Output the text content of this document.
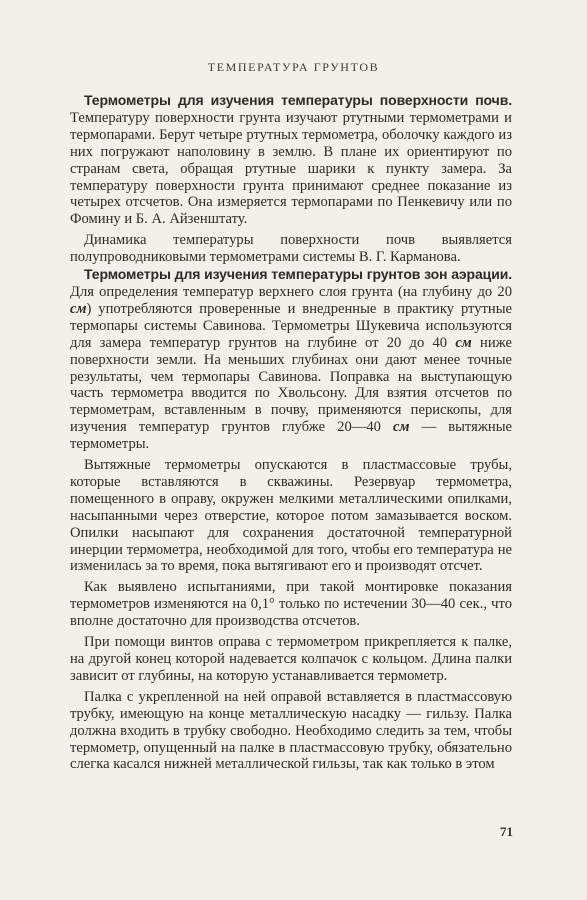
ТЕМПЕРАТУРА ГРУНТОВ

Термометры для изучения температуры поверхности почв. Температуру поверхности грунта изучают ртутными термометрами и термопарами. Берут четыре ртутных термометра, оболочку каждого из них погружают наполовину в землю. В плане их ориентируют по странам света, обращая ртутные шарики к пункту замера. За температуру поверхности грунта принимают среднее показание из четырех отсчетов. Она измеряется термопарами по Пенкевичу или по Фомину и Б. А. Айзенштату.

Динамика температуры поверхности почв выявляется полупроводниковыми термометрами системы В. Г. Карманова.

Термометры для изучения температуры грунтов зон аэрации. Для определения температур верхнего слоя грунта (на глубину до 20 см) употребляются проверенные и внедренные в практику ртутные термопары системы Савинова. Термометры Шукевича используются для замера температур грунтов на глубине от 20 до 40 см ниже поверхности земли. На меньших глубинах они дают менее точные результаты, чем термопары Савинова. Поправка на выступающую часть термометра вводится по Хвольсону. Для взятия отсчетов по термометрам, вставленным в почву, применяются перископы, для изучения температур грунтов глубже 20—40 см — вытяжные термометры.

Вытяжные термометры опускаются в пластмассовые трубы, которые вставляются в скважины. Резервуар термометра, помещенного в оправу, окружен мелкими металлическими опилками, насыпанными через отверстие, которое потом замазывается воском. Опилки насыпают для сохранения достаточной температурной инерции термометра, необходимой для того, чтобы его температура не изменилась за то время, пока вытягивают его и производят отсчет.

Как выявлено испытаниями, при такой монтировке показания термометров изменяются на 0,1° только по истечении 30—40 сек., что вполне достаточно для производства отсчетов.

При помощи винтов оправа с термометром прикрепляется к палке, на другой конец которой надевается колпачок с кольцом. Длина палки зависит от глубины, на которую устанавливается термометр.

Палка с укрепленной на ней оправой вставляется в пластмассовую трубку, имеющую на конце металлическую насадку — гильзу. Палка должна входить в трубку свободно. Необходимо следить за тем, чтобы термометр, опущенный на палке в пластмассовую трубку, обязательно слегка касался нижней металлической гильзы, так как только в этом

71
